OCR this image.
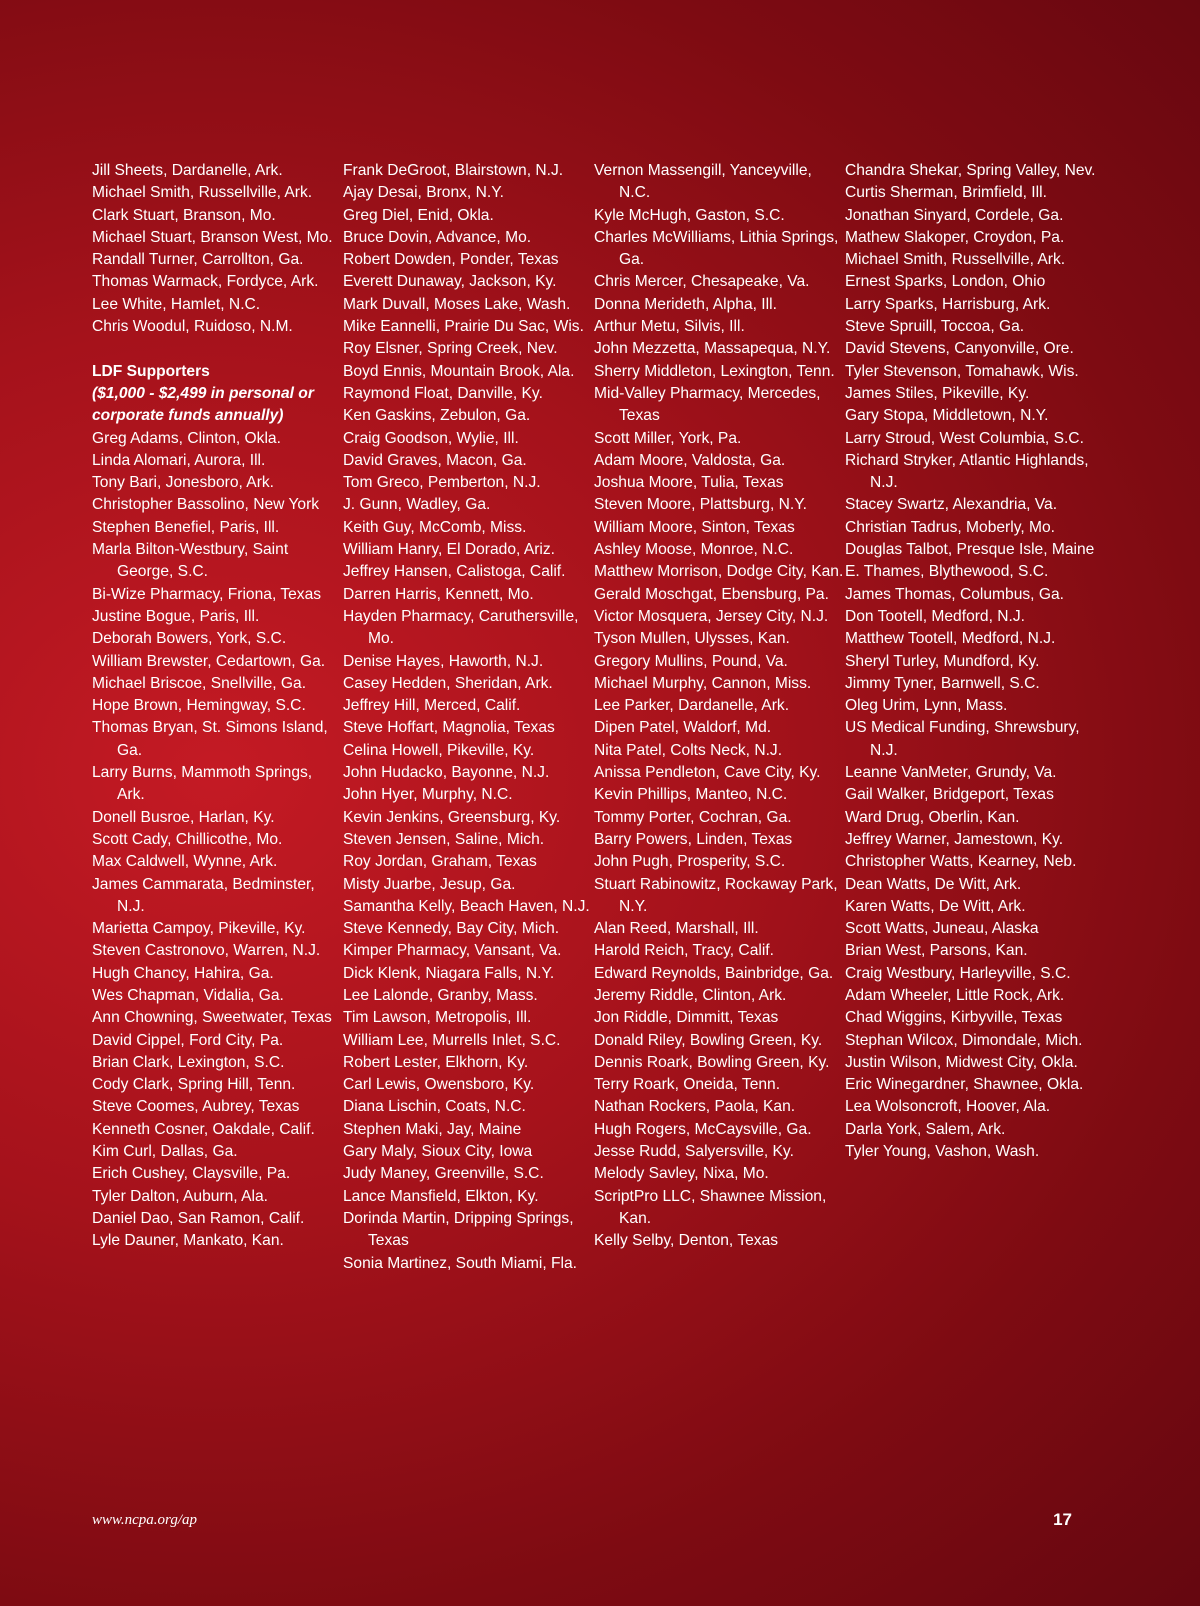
Jill Sheets, Dardanelle, Ark.

Michael Smith, Russellville, Ark.

Clark Stuart, Branson, Mo.

Michael Stuart, Branson West, Mo.

Randall Turner, Carrollton, Ga.

Thomas Warmack, Fordyce, Ark.

Lee White, Hamlet, N.C.

Chris Woodul, Ruidoso, N.M.

LDF Supporters

($1,000 - $2,499 in personal or corporate funds annually)

Greg Adams, Clinton, Okla.

Linda Alomari, Aurora, Ill.

Tony Bari, Jonesboro, Ark.

Christopher Bassolino, New York

Stephen Benefiel, Paris, Ill.

Marla Bilton-Westbury, Saint George, S.C.

Bi-Wize Pharmacy, Friona, Texas

Justine Bogue, Paris, Ill.

Deborah Bowers, York, S.C.

William Brewster, Cedartown, Ga.

Michael Briscoe, Snellville, Ga.

Hope Brown, Hemingway, S.C.

Thomas Bryan, St. Simons Island, Ga.

Larry Burns, Mammoth Springs, Ark.

Donell Busroe, Harlan, Ky.

Scott Cady, Chillicothe, Mo.

Max Caldwell, Wynne, Ark.

James Cammarata, Bedminster, N.J.

Marietta Campoy, Pikeville, Ky.

Steven Castronovo, Warren, N.J.

Hugh Chancy, Hahira, Ga.

Wes Chapman, Vidalia, Ga.

Ann Chowning, Sweetwater, Texas

David Cippel, Ford City, Pa.

Brian Clark, Lexington, S.C.

Cody Clark, Spring Hill, Tenn.

Steve Coomes, Aubrey, Texas

Kenneth Cosner, Oakdale, Calif.

Kim Curl, Dallas, Ga.

Erich Cushey, Claysville, Pa.

Tyler Dalton, Auburn, Ala.

Daniel Dao, San Ramon, Calif.

Lyle Dauner, Mankato, Kan.

Frank DeGroot, Blairstown, N.J.

Ajay Desai, Bronx, N.Y.

Greg Diel, Enid, Okla.

Bruce Dovin, Advance, Mo.

Robert Dowden, Ponder, Texas

Everett Dunaway, Jackson, Ky.

Mark Duvall, Moses Lake, Wash.

Mike Eannelli, Prairie Du Sac, Wis.

Roy Elsner, Spring Creek, Nev.

Boyd Ennis, Mountain Brook, Ala.

Raymond Float, Danville, Ky.

Ken Gaskins, Zebulon, Ga.

Craig Goodson, Wylie, Ill.

David Graves, Macon, Ga.

Tom Greco, Pemberton, N.J.

J. Gunn, Wadley, Ga.

Keith Guy, McComb, Miss.

William Hanry, El Dorado, Ariz.

Jeffrey Hansen, Calistoga, Calif.

Darren Harris, Kennett, Mo.

Hayden Pharmacy, Caruthersville, Mo.

Denise Hayes, Haworth, N.J.

Casey Hedden, Sheridan, Ark.

Jeffrey Hill, Merced, Calif.

Steve Hoffart, Magnolia, Texas

Celina Howell, Pikeville, Ky.

John Hudacko, Bayonne, N.J.

John Hyer, Murphy, N.C.

Kevin Jenkins, Greensburg, Ky.

Steven Jensen, Saline, Mich.

Roy Jordan, Graham, Texas

Misty Juarbe, Jesup, Ga.

Samantha Kelly, Beach Haven, N.J.

Steve Kennedy, Bay City, Mich.

Kimper Pharmacy, Vansant, Va.

Dick Klenk, Niagara Falls, N.Y.

Lee Lalonde, Granby, Mass.

Tim Lawson, Metropolis, Ill.

William Lee, Murrells Inlet, S.C.

Robert Lester, Elkhorn, Ky.

Carl Lewis, Owensboro, Ky.

Diana Lischin, Coats, N.C.

Stephen Maki, Jay, Maine

Gary Maly, Sioux City, Iowa

Judy Maney, Greenville, S.C.

Lance Mansfield, Elkton, Ky.

Dorinda Martin, Dripping Springs, Texas

Sonia Martinez, South Miami, Fla.

Vernon Massengill, Yanceyville, N.C.

Kyle McHugh, Gaston, S.C.

Charles McWilliams, Lithia Springs, Ga.

Chris Mercer, Chesapeake, Va.

Donna Merideth, Alpha, Ill.

Arthur Metu, Silvis, Ill.

John Mezzetta, Massapequa, N.Y.

Sherry Middleton, Lexington, Tenn.

Mid-Valley Pharmacy, Mercedes, Texas

Scott Miller, York, Pa.

Adam Moore, Valdosta, Ga.

Joshua Moore, Tulia, Texas

Steven Moore, Plattsburg, N.Y.

William Moore, Sinton, Texas

Ashley Moose, Monroe, N.C.

Matthew Morrison, Dodge City, Kan.

Gerald Moschgat, Ebensburg, Pa.

Victor Mosquera, Jersey City, N.J.

Tyson Mullen, Ulysses, Kan.

Gregory Mullins, Pound, Va.

Michael Murphy, Cannon, Miss.

Lee Parker, Dardanelle, Ark.

Dipen Patel, Waldorf, Md.

Nita Patel, Colts Neck, N.J.

Anissa Pendleton, Cave City, Ky.

Kevin Phillips, Manteo, N.C.

Tommy Porter, Cochran, Ga.

Barry Powers, Linden, Texas

John Pugh, Prosperity, S.C.

Stuart Rabinowitz, Rockaway Park, N.Y.

Alan Reed, Marshall, Ill.

Harold Reich, Tracy, Calif.

Edward Reynolds, Bainbridge, Ga.

Jeremy Riddle, Clinton, Ark.

Jon Riddle, Dimmitt, Texas

Donald Riley, Bowling Green, Ky.

Dennis Roark, Bowling Green, Ky.

Terry Roark, Oneida, Tenn.

Nathan Rockers, Paola, Kan.

Hugh Rogers, McCaysville, Ga.

Jesse Rudd, Salyersville, Ky.

Melody Savley, Nixa, Mo.

ScriptPro LLC, Shawnee Mission, Kan.

Kelly Selby, Denton, Texas

Chandra Shekar, Spring Valley, Nev.

Curtis Sherman, Brimfield, Ill.

Jonathan Sinyard, Cordele, Ga.

Mathew Slakoper, Croydon, Pa.

Michael Smith, Russellville, Ark.

Ernest Sparks, London, Ohio

Larry Sparks, Harrisburg, Ark.

Steve Spruill, Toccoa, Ga.

David Stevens, Canyonville, Ore.

Tyler Stevenson, Tomahawk, Wis.

James Stiles, Pikeville, Ky.

Gary Stopa, Middletown, N.Y.

Larry Stroud, West Columbia, S.C.

Richard Stryker, Atlantic Highlands, N.J.

Stacey Swartz, Alexandria, Va.

Christian Tadrus, Moberly, Mo.

Douglas Talbot, Presque Isle, Maine

E. Thames, Blythewood, S.C.

James Thomas, Columbus, Ga.

Don Tootell, Medford, N.J.

Matthew Tootell, Medford, N.J.

Sheryl Turley, Mundford, Ky.

Jimmy Tyner, Barnwell, S.C.

Oleg Urim, Lynn, Mass.

US Medical Funding, Shrewsbury, N.J.

Leanne VanMeter, Grundy, Va.

Gail Walker, Bridgeport, Texas

Ward Drug, Oberlin, Kan.

Jeffrey Warner, Jamestown, Ky.

Christopher Watts, Kearney, Neb.

Dean Watts, De Witt, Ark.

Karen Watts, De Witt, Ark.

Scott Watts, Juneau, Alaska

Brian West, Parsons, Kan.

Craig Westbury, Harleyville, S.C.

Adam Wheeler, Little Rock, Ark.

Chad Wiggins, Kirbyville, Texas

Stephan Wilcox, Dimondale, Mich.

Justin Wilson, Midwest City, Okla.

Eric Winegardner, Shawnee, Okla.

Lea Wolsoncroft, Hoover, Ala.

Darla York, Salem, Ark.

Tyler Young, Vashon, Wash.

www.ncpa.org/ap	17
